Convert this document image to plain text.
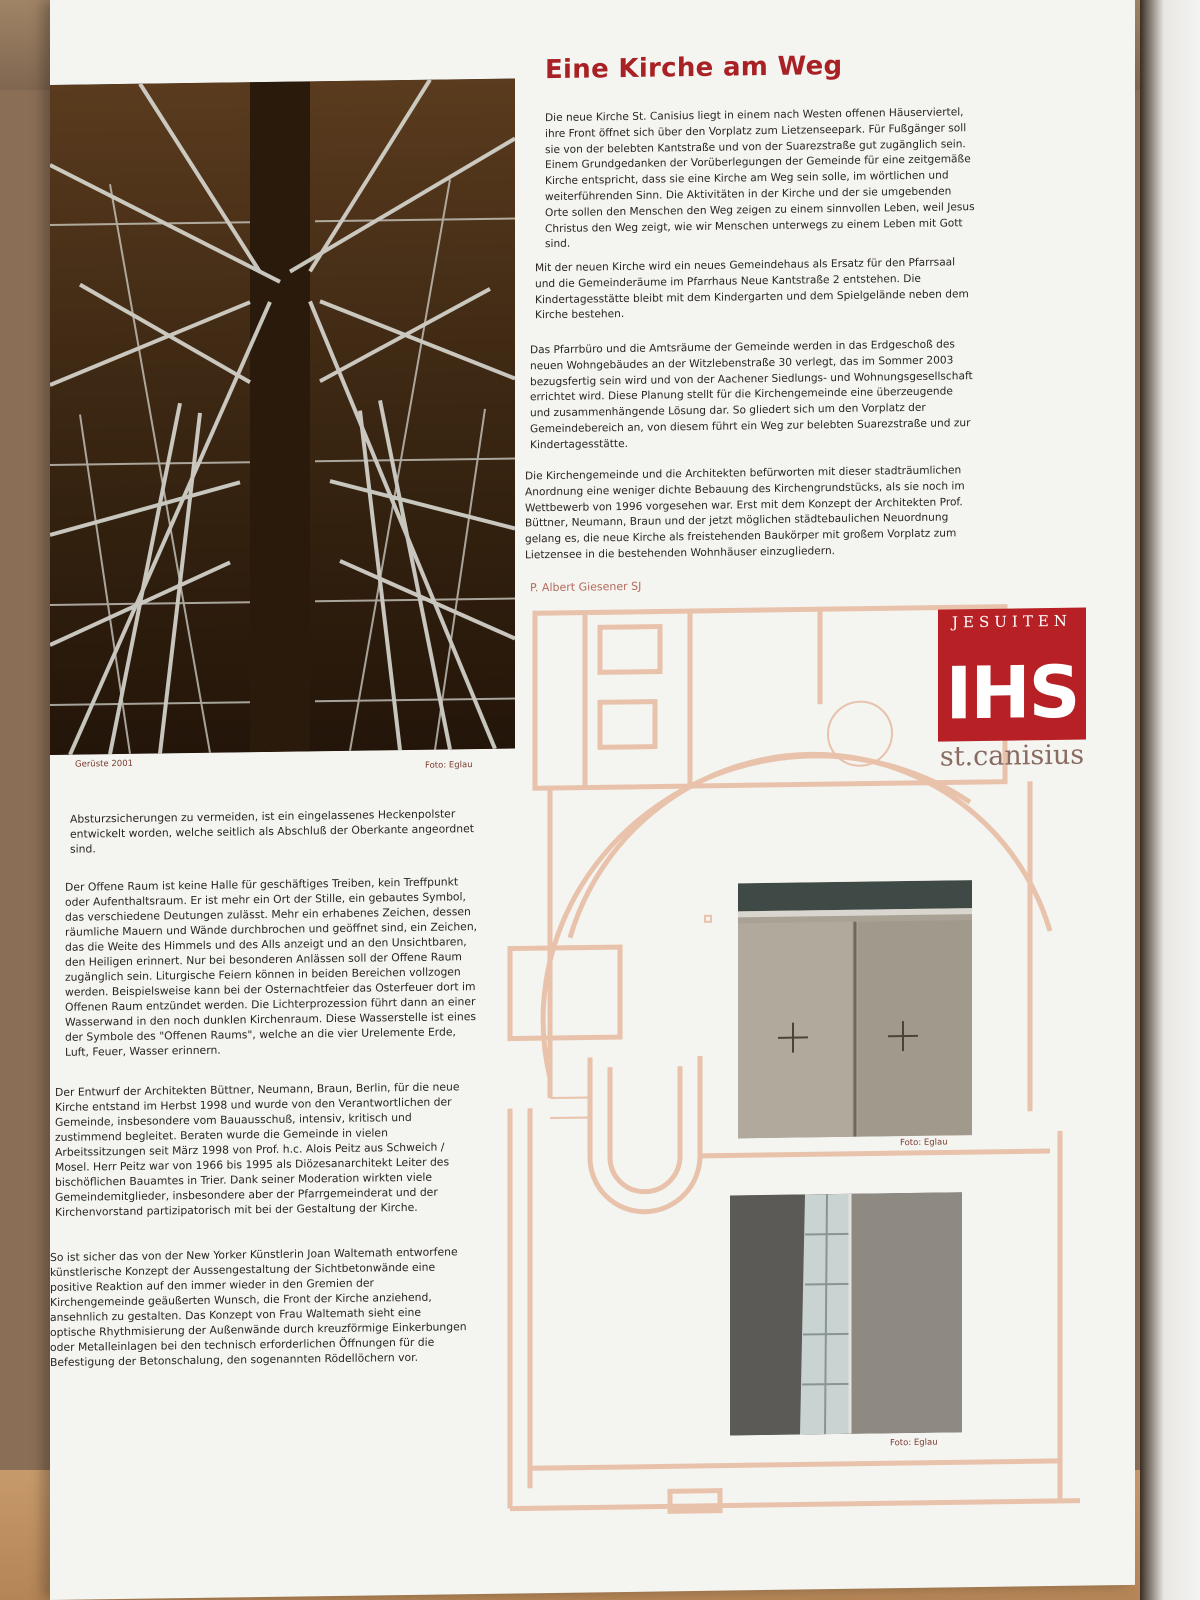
Gerüste 2001	Foto: Eglau
Eine Kirche am Weg
Die neue Kirche St. Canisius liegt in einem nach Westen offenen Häuserviertel, ihre Front öffnet sich über den Vorplatz zum Lietzenseepark. Für Fußgänger soll sie von der belebten Kantstraße und von der Suarezstraße gut zugänglich sein. Einem Grundgedanken der Vorüberlegungen der Gemeinde für eine zeitgemäße Kirche entspricht, dass sie eine Kirche am Weg sein solle, im wörtlichen und weiterführenden Sinn. Die Aktivitäten in der Kirche und der sie umgebenden Orte sollen den Menschen den Weg zeigen zu einem sinnvollen Leben, weil Jesus Christus den Weg zeigt, wie wir Menschen unterwegs zu einem Leben mit Gott sind.
Mit der neuen Kirche wird ein neues Gemeindehaus als Ersatz für den Pfarrsaal und die Gemeinderäume im Pfarrhaus Neue Kantstraße 2 entstehen. Die Kindertagesstätte bleibt mit dem Kindergarten und dem Spielgelände neben dem Kirche bestehen.
Das Pfarrbüro und die Amtsräume der Gemeinde werden in das Erdgeschoß des neuen Wohngebäudes an der Witzlebenstraße 30 verlegt, das im Sommer 2003 bezugsfertig sein wird und von der Aachener Siedlungs- und Wohnungsgesellschaft errichtet wird. Diese Planung stellt für die Kirchengemeinde eine überzeugende und zusammenhängende Lösung dar. So gliedert sich um den Vorplatz der Gemeindebereich an, von diesem führt ein Weg zur belebten Suarezstraße und zur Kindertagesstätte.
Die Kirchengemeinde und die Architekten befürworten mit dieser stadträumlichen Anordnung eine weniger dichte Bebauung des Kirchengrundstücks, als sie noch im Wettbewerb von 1996 vorgesehen war. Erst mit dem Konzept der Architekten Prof. Büttner, Neumann, Braun und der jetzt möglichen städtebaulichen Neuordnung gelang es, die neue Kirche als freistehenden Baukörper mit großem Vorplatz zum Lietzensee in die bestehenden Wohnhäuser einzugliedern.
P. Albert Giesener SJ
JESUITEN
IHS
st.canisius
Absturzsicherungen zu vermeiden, ist ein eingelassenes Heckenpolster entwickelt worden, welche seitlich als Abschluß der Oberkante angeordnet sind.
Der Offene Raum ist keine Halle für geschäftiges Treiben, kein Treffpunkt oder Aufenthaltsraum. Er ist mehr ein Ort der Stille, ein gebautes Symbol, das verschiedene Deutungen zulässt. Mehr ein erhabenes Zeichen, dessen räumliche Mauern und Wände durchbrochen und geöffnet sind, ein Zeichen, das die Weite des Himmels und des Alls anzeigt und an den Unsichtbaren, den Heiligen erinnert. Nur bei besonderen Anlässen soll der Offene Raum zugänglich sein. Liturgische Feiern können in beiden Bereichen vollzogen werden. Beispielsweise kann bei der Osternachtfeier das Osterfeuer dort im Offenen Raum entzündet werden. Die Lichterprozession führt dann an einer Wasserwand in den noch dunklen Kirchenraum. Diese Wasserstelle ist eines der Symbole des "Offenen Raums", welche an die vier Urelemente Erde, Luft, Feuer, Wasser erinnern.
Der Entwurf der Architekten Büttner, Neumann, Braun, Berlin, für die neue Kirche entstand im Herbst 1998 und wurde von den Verantwortlichen der Gemeinde, insbesondere vom Bauausschuß, intensiv, kritisch und zustimmend begleitet. Beraten wurde die Gemeinde in vielen Arbeitssitzungen seit März 1998 von Prof. h.c. Alois Peitz aus Schweich / Mosel. Herr Peitz war von 1966 bis 1995 als Diözesanarchitekt Leiter des bischöflichen Bauamtes in Trier. Dank seiner Moderation wirkten viele Gemeindemitglieder, insbesondere aber der Pfarrgemeinderat und der Kirchenvorstand partizipatorisch mit bei der Gestaltung der Kirche.
So ist sicher das von der New Yorker Künstlerin Joan Waltemath entworfene künstlerische Konzept der Aussengestaltung der Sichtbetonwände eine positive Reaktion auf den immer wieder in den Gremien der Kirchengemeinde geäußerten Wunsch, die Front der Kirche anziehend, ansehnlich zu gestalten. Das Konzept von Frau Waltemath sieht eine optische Rhythmisierung der Außenwände durch kreuzförmige Einkerbungen oder Metalleinlagen bei den technisch erforderlichen Öffnungen für die Befestigung der Betonschalung, den sogenannten Rödellöchern vor.
Foto: Eglau
Foto: Eglau
